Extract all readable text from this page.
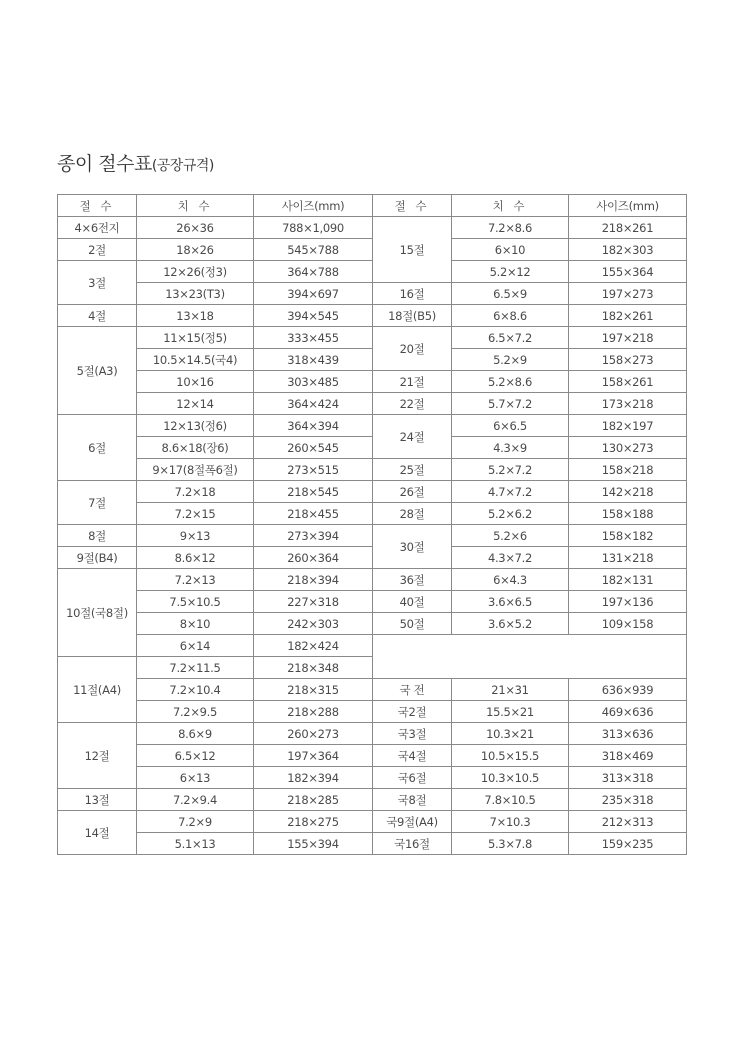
종이 절수표(공장규격)
절 수	치 수	사이즈(mm)	절 수	치 수	사이즈(mm)
4×6전지	26×36	788×1,090	15절	7.2×8.6	218×261
2절	18×26	545×788		6×10	182×303
3절	12×26(정3)	364×788		5.2×12	155×364
	13×23(T3)	394×697	16절	6.5×9	197×273
4절	13×18	394×545	18절(B5)	6×8.6	182×261
5절(A3)	11×15(정5)	333×455	20절	6.5×7.2	197×218
	10.5×14.5(국4)	318×439		5.2×9	158×273
	10×16	303×485	21절	5.2×8.6	158×261
	12×14	364×424	22절	5.7×7.2	173×218
6절	12×13(정6)	364×394	24절	6×6.5	182×197
	8.6×18(장6)	260×545		4.3×9	130×273
	9×17(8절폭6절)	273×515	25절	5.2×7.2	158×218
7절	7.2×18	218×545	26절	4.7×7.2	142×218
	7.2×15	218×455	28절	5.2×6.2	158×188
8절	9×13	273×394	30절	5.2×6	158×182
9절(B4)	8.6×12	260×364		4.3×7.2	131×218
10절(국8절)	7.2×13	218×394	36절	6×4.3	182×131
	7.5×10.5	227×318	40절	3.6×6.5	197×136
	8×10	242×303	50절	3.6×5.2	109×158
	6×14	182×424			
11절(A4)	7.2×11.5	218×348			
	7.2×10.4	218×315	국 전	21×31	636×939
	7.2×9.5	218×288	국2절	15.5×21	469×636
12절	8.6×9	260×273	국3절	10.3×21	313×636
	6.5×12	197×364	국4절	10.5×15.5	318×469
	6×13	182×394	국6절	10.3×10.5	313×318
13절	7.2×9.4	218×285	국8절	7.8×10.5	235×318
14절	7.2×9	218×275	국9절(A4)	7×10.3	212×313
	5.1×13	155×394	국16절	5.3×7.8	159×235
